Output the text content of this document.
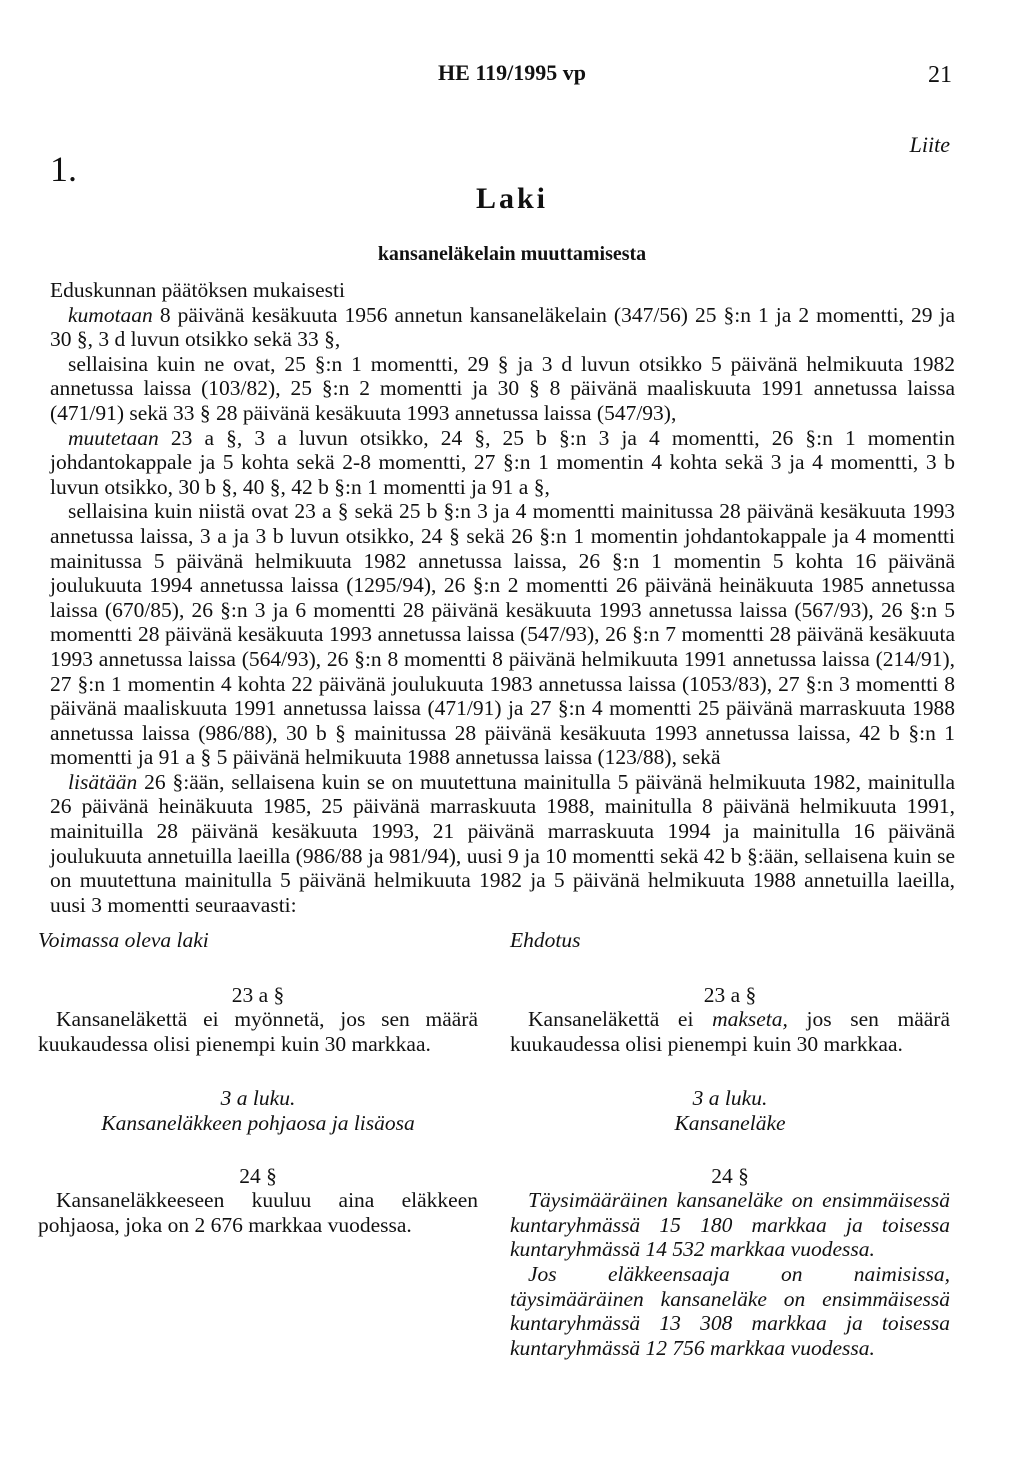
HE 119/1995 vp	21
Liite
1.
Laki
kansaneläkelain muuttamisesta

Eduskunnan päätöksen mukaisesti

kumotaan 8 päivänä kesäkuuta 1956 annetun kansaneläkelain (347/56) 25 §:n 1 ja 2 momentti, 29 ja 30 §, 3 d luvun otsikko sekä 33 §,

sellaisina kuin ne ovat, 25 §:n 1 momentti, 29 § ja 3 d luvun otsikko 5 päivänä helmikuuta 1982 annetussa laissa (103/82), 25 §:n 2 momentti ja 30 § 8 päivänä maaliskuuta 1991 annetussa laissa (471/91) sekä 33 § 28 päivänä kesäkuuta 1993 annetussa laissa (547/93),

muutetaan 23 a §, 3 a luvun otsikko, 24 §, 25 b §:n 3 ja 4 momentti, 26 §:n 1 momentin johdantokappale ja 5 kohta sekä 2-8 momentti, 27 §:n 1 momentin 4 kohta sekä 3 ja 4 momentti, 3 b luvun otsikko, 30 b §, 40 §, 42 b §:n 1 momentti ja 91 a §,

sellaisina kuin niistä ovat 23 a § sekä 25 b §:n 3 ja 4 momentti mainitussa 28 päivänä kesäkuuta 1993 annetussa laissa, 3 a ja 3 b luvun otsikko, 24 § sekä 26 §:n 1 momentin johdantokappale ja 4 momentti mainitussa 5 päivänä helmikuuta 1982 annetussa laissa, 26 §:n 1 momentin 5 kohta 16 päivänä joulukuuta 1994 annetussa laissa (1295/94), 26 §:n 2 momentti 26 päivänä heinäkuuta 1985 annetussa laissa (670/85), 26 §:n 3 ja 6 momentti 28 päivänä kesäkuuta 1993 annetussa laissa (567/93), 26 §:n 5 momentti 28 päivänä kesäkuuta 1993 annetussa laissa (547/93), 26 §:n 7 momentti 28 päivänä kesäkuuta 1993 annetussa laissa (564/93), 26 §:n 8 momentti 8 päivänä helmikuuta 1991 annetussa laissa (214/91), 27 §:n 1 momentin 4 kohta 22 päivänä joulukuuta 1983 annetussa laissa (1053/83), 27 §:n 3 momentti 8 päivänä maaliskuuta 1991 annetussa laissa (471/91) ja 27 §:n 4 momentti 25 päivänä marraskuuta 1988 annetussa laissa (986/88), 30 b § mainitussa 28 päivänä kesäkuuta 1993 annetussa laissa, 42 b §:n 1 momentti ja 91 a § 5 päivänä helmikuuta 1988 annetussa laissa (123/88), sekä

lisätään 26 §:ään, sellaisena kuin se on muutettuna mainitulla 5 päivänä helmikuuta 1982, mainitulla 26 päivänä heinäkuuta 1985, 25 päivänä marraskuuta 1988, mainitulla 8 päivänä helmikuuta 1991, mainituilla 28 päivänä kesäkuuta 1993, 21 päivänä marraskuuta 1994 ja mainitulla 16 päivänä joulukuuta annetuilla laeilla (986/88 ja 981/94), uusi 9 ja 10 momentti sekä 42 b §:ään, sellaisena kuin se on muutettuna mainitulla 5 päivänä helmikuuta 1982 ja 5 päivänä helmikuuta 1988 annetuilla laeilla, uusi 3 momentti seuraavasti:

Voimassa oleva laki

23 a §

Kansaneläkettä ei myönnetä, jos sen määrä kuukaudessa olisi pienempi kuin 30 markkaa.

3 a luku.

Kansaneläkkeen pohjaosa ja lisäosa

24 §

Kansaneläkkeeseen kuuluu aina eläkkeen pohjaosa, joka on 2 676 markkaa vuodessa.

Ehdotus

23 a §

Kansaneläkettä ei makseta, jos sen määrä kuukaudessa olisi pienempi kuin 30 markkaa.

3 a luku.

Kansaneläke

24 §

Täysimääräinen kansaneläke on ensimmäisessä kuntaryhmässä 15 180 markkaa ja toisessa kuntaryhmässä 14 532 markkaa vuodessa.

Jos eläkkeensaaja on naimisissa, täysimääräinen kansaneläke on ensimmäisessä kuntaryhmässä 13 308 markkaa ja toisessa kuntaryhmässä 12 756 markkaa vuodessa.
